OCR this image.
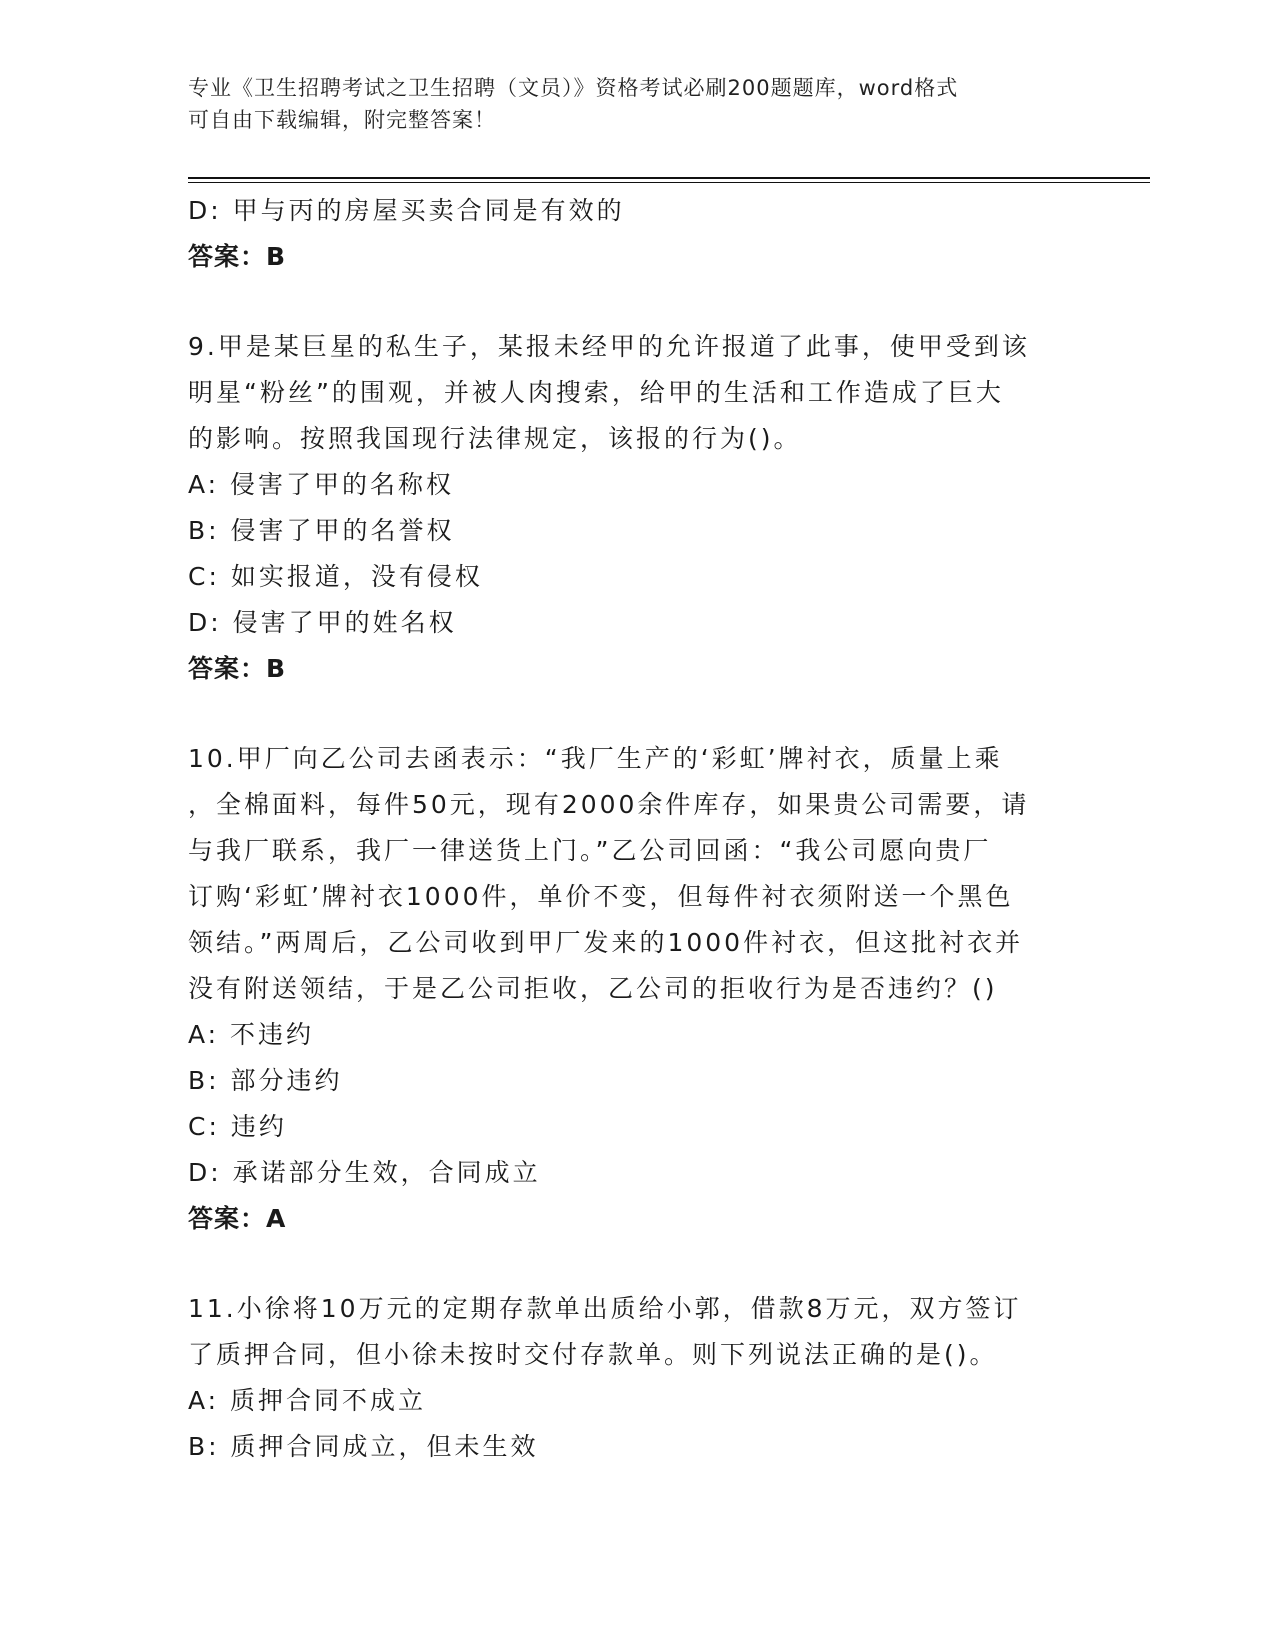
专业《卫生招聘考试之卫生招聘（文员）》资格考试必刷200题题库，word格式
可自由下载编辑，附完整答案！
D: 甲与丙的房屋买卖合同是有效的
答案：B
9.甲是某巨星的私生子，某报未经甲的允许报道了此事，使甲受到该
明星“粉丝”的围观，并被人肉搜索，给甲的生活和工作造成了巨大
的影响。按照我国现行法律规定，该报的行为()。
A: 侵害了甲的名称权
B: 侵害了甲的名誉权
C: 如实报道，没有侵权
D: 侵害了甲的姓名权
答案：B
10.甲厂向乙公司去函表示：“我厂生产的‘彩虹’牌衬衣，质量上乘
，全棉面料，每件50元，现有2000余件库存，如果贵公司需要，请
与我厂联系，我厂一律送货上门。”乙公司回函：“我公司愿向贵厂
订购‘彩虹’牌衬衣1000件，单价不变，但每件衬衣须附送一个黑色
领结。”两周后，乙公司收到甲厂发来的1000件衬衣，但这批衬衣并
没有附送领结，于是乙公司拒收，乙公司的拒收行为是否违约？()
A: 不违约
B: 部分违约
C: 违约
D: 承诺部分生效，合同成立
答案：A
11.小徐将10万元的定期存款单出质给小郭，借款8万元，双方签订
了质押合同，但小徐未按时交付存款单。则下列说法正确的是()。
A: 质押合同不成立
B: 质押合同成立，但未生效
